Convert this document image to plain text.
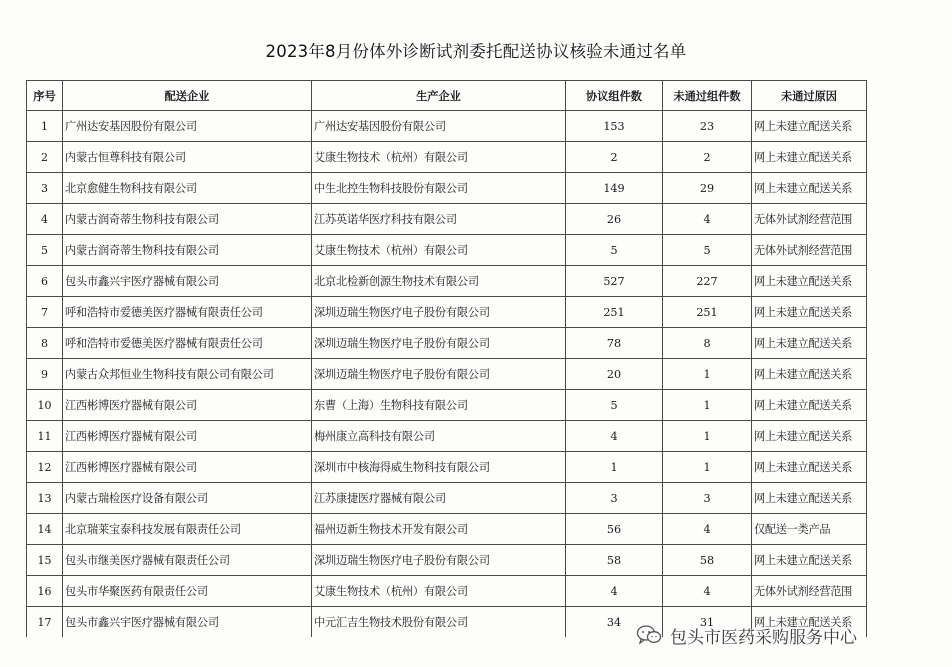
2023年8月份体外诊断试剂委托配送协议核验未通过名单
序号	配送企业	生产企业	协议组件数	未通过组件数	未通过原因
1	广州达安基因股份有限公司	广州达安基因股份有限公司	153	23	网上未建立配送关系
2	内蒙古恒尊科技有限公司	艾康生物技术（杭州）有限公司	2	2	网上未建立配送关系
3	北京愈健生物科技有限公司	中生北控生物科技股份有限公司	149	29	网上未建立配送关系
4	内蒙古润奇蒂生物科技有限公司	江苏英诺华医疗科技有限公司	26	4	无体外试剂经营范围
5	内蒙古润奇蒂生物科技有限公司	艾康生物技术（杭州）有限公司	5	5	无体外试剂经营范围
6	包头市鑫兴宇医疗器械有限公司	北京北检新创源生物技术有限公司	527	227	网上未建立配送关系
7	呼和浩特市爱德美医疗器械有限责任公司	深圳迈瑞生物医疗电子股份有限公司	251	251	网上未建立配送关系
8	呼和浩特市爱德美医疗器械有限责任公司	深圳迈瑞生物医疗电子股份有限公司	78	8	网上未建立配送关系
9	内蒙古众邦恒业生物科技有限公司有限公司	深圳迈瑞生物医疗电子股份有限公司	20	1	网上未建立配送关系
10	江西彬博医疗器械有限公司	东曹（上海）生物科技有限公司	5	1	网上未建立配送关系
11	江西彬博医疗器械有限公司	梅州康立高科技有限公司	4	1	网上未建立配送关系
12	江西彬博医疗器械有限公司	深圳市中核海得威生物科技有限公司	1	1	网上未建立配送关系
13	内蒙古瑞检医疗设备有限公司	江苏康捷医疗器械有限公司	3	3	网上未建立配送关系
14	北京瑞莱宝泰科技发展有限责任公司	福州迈新生物技术开发有限公司	56	4	仅配送一类产品
15	包头市继美医疗器械有限责任公司	深圳迈瑞生物医疗电子股份有限公司	58	58	网上未建立配送关系
16	包头市华聚医药有限责任公司	艾康生物技术（杭州）有限公司	4	4	无体外试剂经营范围
17	包头市鑫兴宇医疗器械有限公司	中元汇吉生物技术股份有限公司	34	31	网上未建立配送关系
包头市医药采购服务中心
